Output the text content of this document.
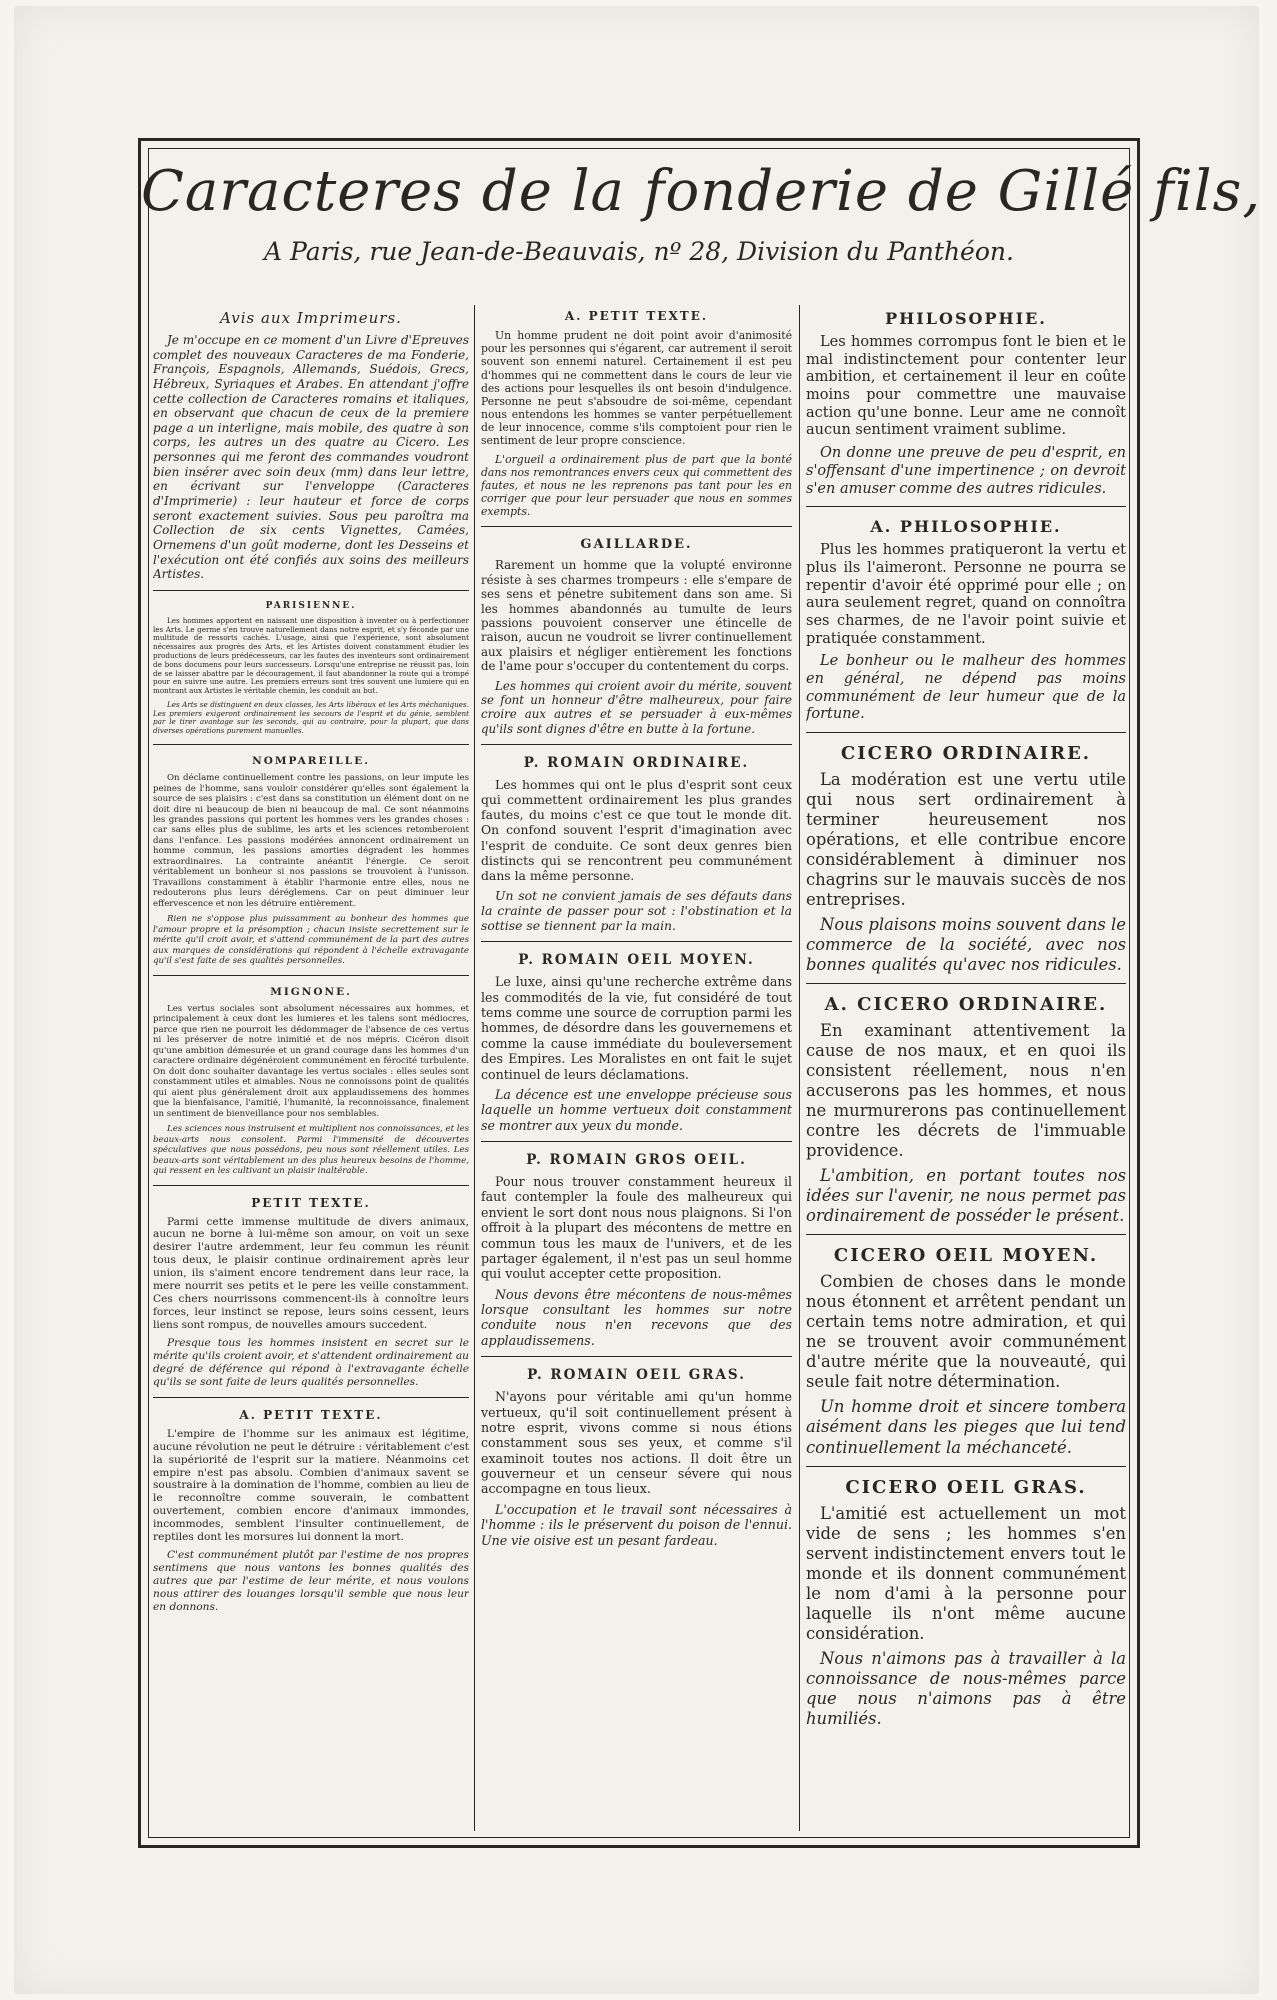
Caracteres de la fonderie de Gillé fils,
A Paris, rue Jean-de-Beauvais, nº 28, Division du Panthéon.
Avis aux Imprimeurs.
Je m'occupe en ce moment d'un Livre d'Epreuves complet des nouveaux Caracteres de ma Fonderie, François, Espagnols, Allemands, Suédois, Grecs, Hébreux, Syriaques et Arabes. En attendant j'offre cette collection de Caracteres romains et italiques, en observant que chacun de ceux de la premiere page a un interligne, mais mobile, des quatre à son corps, les autres un des quatre au Cicero. Les personnes qui me feront des commandes voudront bien insérer avec soin deux (mm) dans leur lettre, en écrivant sur l'enveloppe (Caracteres d'Imprimerie) : leur hauteur et force de corps seront exactement suivies. Sous peu paroîtra ma Collection de six cents Vignettes, Camées, Ornemens d'un goût moderne, dont les Desseins et l'exécution ont été confiés aux soins des meilleurs Artistes.
PARISIENNE.
Les hommes apportent en naissant une disposition à inventer ou à perfectionner les Arts. Le germe s'en trouve naturellement dans notre esprit, et s'y féconde par une multitude de ressorts cachés. L'usage, ainsi que l'expérience, sont absolument nécessaires aux progrès des Arts, et les Artistes doivent constamment étudier les productions de leurs prédécesseurs, car les fautes des inventeurs sont ordinairement de bons documens pour leurs successeurs. Lorsqu'une entreprise ne réussit pas, loin de se laisser abattre par le découragement, il faut abandonner la route qui a trompé pour en suivre une autre. Les premiers erreurs sont très souvent une lumiere qui en montrant aux Artistes le véritable chemin, les conduit au but.
Les Arts se distinguent en deux classes, les Arts libéraux et les Arts méchaniques. Les premiers exigeront ordinairement les secours de l'esprit et du génie, semblent par le tirer avantage sur les seconds, qui au contraire, pour la plupart, que dans diverses opérations purement manuelles.
NOMPAREILLE.
On déclame continuellement contre les passions, on leur impute les peines de l'homme, sans vouloir considérer qu'elles sont également la source de ses plaisirs : c'est dans sa constitution un élément dont on ne doit dire ni beaucoup de bien ni beaucoup de mal. Ce sont néanmoins les grandes passions qui portent les hommes vers les grandes choses : car sans elles plus de sublime, les arts et les sciences retomberoient dans l'enfance. Les passions modérées annoncent ordinairement un homme commun, les passions amorties dégradent les hommes extraordinaires. La contrainte anéantit l'énergie. Ce seroit véritablement un bonheur si nos passions se trouvoient à l'unisson. Travaillons constamment à établir l'harmonie entre elles, nous ne redouterons plus leurs déréglemens. Car on peut diminuer leur effervescence et non les détruire entièrement.
Rien ne s'oppose plus puissamment au bonheur des hommes que l'amour propre et la présomption ; chacun insiste secrettement sur le mérite qu'il croit avoir, et s'attend communément de la part des autres aux marques de considérations qui répondent à l'échelle extravagante qu'il s'est faite de ses qualités personnelles.
MIGNONE.
Les vertus sociales sont absolument nécessaires aux hommes, et principalement à ceux dont les lumieres et les talens sont médiocres, parce que rien ne pourroit les dédommager de l'absence de ces vertus ni les préserver de notre inimitié et de nos mépris. Cicéron disoit qu'une ambition démesurée et un grand courage dans les hommes d'un caractere ordinaire dégénéroient communément en férocité turbulente. On doit donc souhaiter davantage les vertus sociales : elles seules sont constamment utiles et aimables. Nous ne connoissons point de qualités qui aient plus généralement droit aux applaudissemens des hommes que la bienfaisance, l'amitié, l'humanité, la reconnoissance, finalement un sentiment de bienveillance pour nos semblables.
Les sciences nous instruisent et multiplient nos connoissances, et les beaux-arts nous consolent. Parmi l'immensité de découvertes spéculatives que nous possédons, peu nous sont réellement utiles. Les beaux-arts sont véritablement un des plus heureux besoins de l'homme, qui ressent en les cultivant un plaisir inaltérable.
PETIT TEXTE.
Parmi cette immense multitude de divers animaux, aucun ne borne à lui-même son amour, on voit un sexe desirer l'autre ardemment, leur feu commun les réunit tous deux, le plaisir continue ordinairement après leur union, ils s'aiment encore tendrement dans leur race, la mere nourrit ses petits et le pere les veille constamment. Ces chers nourrissons commencent-ils à connoître leurs forces, leur instinct se repose, leurs soins cessent, leurs liens sont rompus, de nouvelles amours succedent.
Presque tous les hommes insistent en secret sur le mérite qu'ils croient avoir, et s'attendent ordinairement au degré de déférence qui répond à l'extravagante échelle qu'ils se sont faite de leurs qualités personnelles.
A. PETIT TEXTE.
L'empire de l'homme sur les animaux est légitime, aucune révolution ne peut le détruire : véritablement c'est la supériorité de l'esprit sur la matiere. Néanmoins cet empire n'est pas absolu. Combien d'animaux savent se soustraire à la domination de l'homme, combien au lieu de le reconnoître comme souverain, le combattent ouvertement, combien encore d'animaux immondes, incommodes, semblent l'insulter continuellement, de reptiles dont les morsures lui donnent la mort.
C'est communément plutôt par l'estime de nos propres sentimens que nous vantons les bonnes qualités des autres que par l'estime de leur mérite, et nous voulons nous attirer des louanges lorsqu'il semble que nous leur en donnons.
A. PETIT TEXTE.
Un homme prudent ne doit point avoir d'animosité pour les personnes qui s'égarent, car autrement il seroit souvent son ennemi naturel. Certainement il est peu d'hommes qui ne commettent dans le cours de leur vie des actions pour lesquelles ils ont besoin d'indulgence. Personne ne peut s'absoudre de soi-même, cependant nous entendons les hommes se vanter perpétuellement de leur innocence, comme s'ils comptoient pour rien le sentiment de leur propre conscience.
L'orgueil a ordinairement plus de part que la bonté dans nos remontrances envers ceux qui commettent des fautes, et nous ne les reprenons pas tant pour les en corriger que pour leur persuader que nous en sommes exempts.
GAILLARDE.
Rarement un homme que la volupté environne résiste à ses charmes trompeurs : elle s'empare de ses sens et pénetre subitement dans son ame. Si les hommes abandonnés au tumulte de leurs passions pouvoient conserver une étincelle de raison, aucun ne voudroit se livrer continuellement aux plaisirs et négliger entièrement les fonctions de l'ame pour s'occuper du contentement du corps.
Les hommes qui croient avoir du mérite, souvent se font un honneur d'être malheureux, pour faire croire aux autres et se persuader à eux-mêmes qu'ils sont dignes d'être en butte à la fortune.
P. ROMAIN ORDINAIRE.
Les hommes qui ont le plus d'esprit sont ceux qui commettent ordinairement les plus grandes fautes, du moins c'est ce que tout le monde dit. On confond souvent l'esprit d'imagination avec l'esprit de conduite. Ce sont deux genres bien distincts qui se rencontrent peu communément dans la même personne.
Un sot ne convient jamais de ses défauts dans la crainte de passer pour sot : l'obstination et la sottise se tiennent par la main.
P. ROMAIN OEIL MOYEN.
Le luxe, ainsi qu'une recherche extrême dans les commodités de la vie, fut considéré de tout tems comme une source de corruption parmi les hommes, de désordre dans les gouvernemens et comme la cause immédiate du bouleversement des Empires. Les Moralistes en ont fait le sujet continuel de leurs déclamations.
La décence est une enveloppe précieuse sous laquelle un homme vertueux doit constamment se montrer aux yeux du monde.
P. ROMAIN GROS OEIL.
Pour nous trouver constamment heureux il faut contempler la foule des malheureux qui envient le sort dont nous nous plaignons. Si l'on offroit à la plupart des mécontens de mettre en commun tous les maux de l'univers, et de les partager également, il n'est pas un seul homme qui voulut accepter cette proposition.
Nous devons être mécontens de nous-mêmes lorsque consultant les hommes sur notre conduite nous n'en recevons que des applaudissemens.
P. ROMAIN OEIL GRAS.
N'ayons pour véritable ami qu'un homme vertueux, qu'il soit continuellement présent à notre esprit, vivons comme si nous étions constamment sous ses yeux, et comme s'il examinoit toutes nos actions. Il doit être un gouverneur et un censeur sévere qui nous accompagne en tous lieux.
L'occupation et le travail sont nécessaires à l'homme : ils le préservent du poison de l'ennui. Une vie oisive est un pesant fardeau.
PHILOSOPHIE.
Les hommes corrompus font le bien et le mal indistinctement pour contenter leur ambition, et certainement il leur en coûte moins pour commettre une mauvaise action qu'une bonne. Leur ame ne connoît aucun sentiment vraiment sublime.
On donne une preuve de peu d'esprit, en s'offensant d'une impertinence ; on devroit s'en amuser comme des autres ridicules.
A. PHILOSOPHIE.
Plus les hommes pratiqueront la vertu et plus ils l'aimeront. Personne ne pourra se repentir d'avoir été opprimé pour elle ; on aura seulement regret, quand on connoîtra ses charmes, de ne l'avoir point suivie et pratiquée constamment.
Le bonheur ou le malheur des hommes en général, ne dépend pas moins communément de leur humeur que de la fortune.
CICERO ORDINAIRE.
La modération est une vertu utile qui nous sert ordinairement à terminer heureusement nos opérations, et elle contribue encore considérablement à diminuer nos chagrins sur le mauvais succès de nos entreprises.
Nous plaisons moins souvent dans le commerce de la société, avec nos bonnes qualités qu'avec nos ridicules.
A. CICERO ORDINAIRE.
En examinant attentivement la cause de nos maux, et en quoi ils consistent réellement, nous n'en accuserons pas les hommes, et nous ne murmurerons pas continuellement contre les décrets de l'immuable providence.
L'ambition, en portant toutes nos idées sur l'avenir, ne nous permet pas ordinairement de posséder le présent.
CICERO OEIL MOYEN.
Combien de choses dans le monde nous étonnent et arrêtent pendant un certain tems notre admiration, et qui ne se trouvent avoir communément d'autre mérite que la nouveauté, qui seule fait notre détermination.
Un homme droit et sincere tombera aisément dans les pieges que lui tend continuellement la méchanceté.
CICERO OEIL GRAS.
L'amitié est actuellement un mot vide de sens ; les hommes s'en servent indistinctement envers tout le monde et ils donnent communément le nom d'ami à la personne pour laquelle ils n'ont même aucune considération.
Nous n'aimons pas à travailler à la connoissance de nous-mêmes parce que nous n'aimons pas à être humiliés.
